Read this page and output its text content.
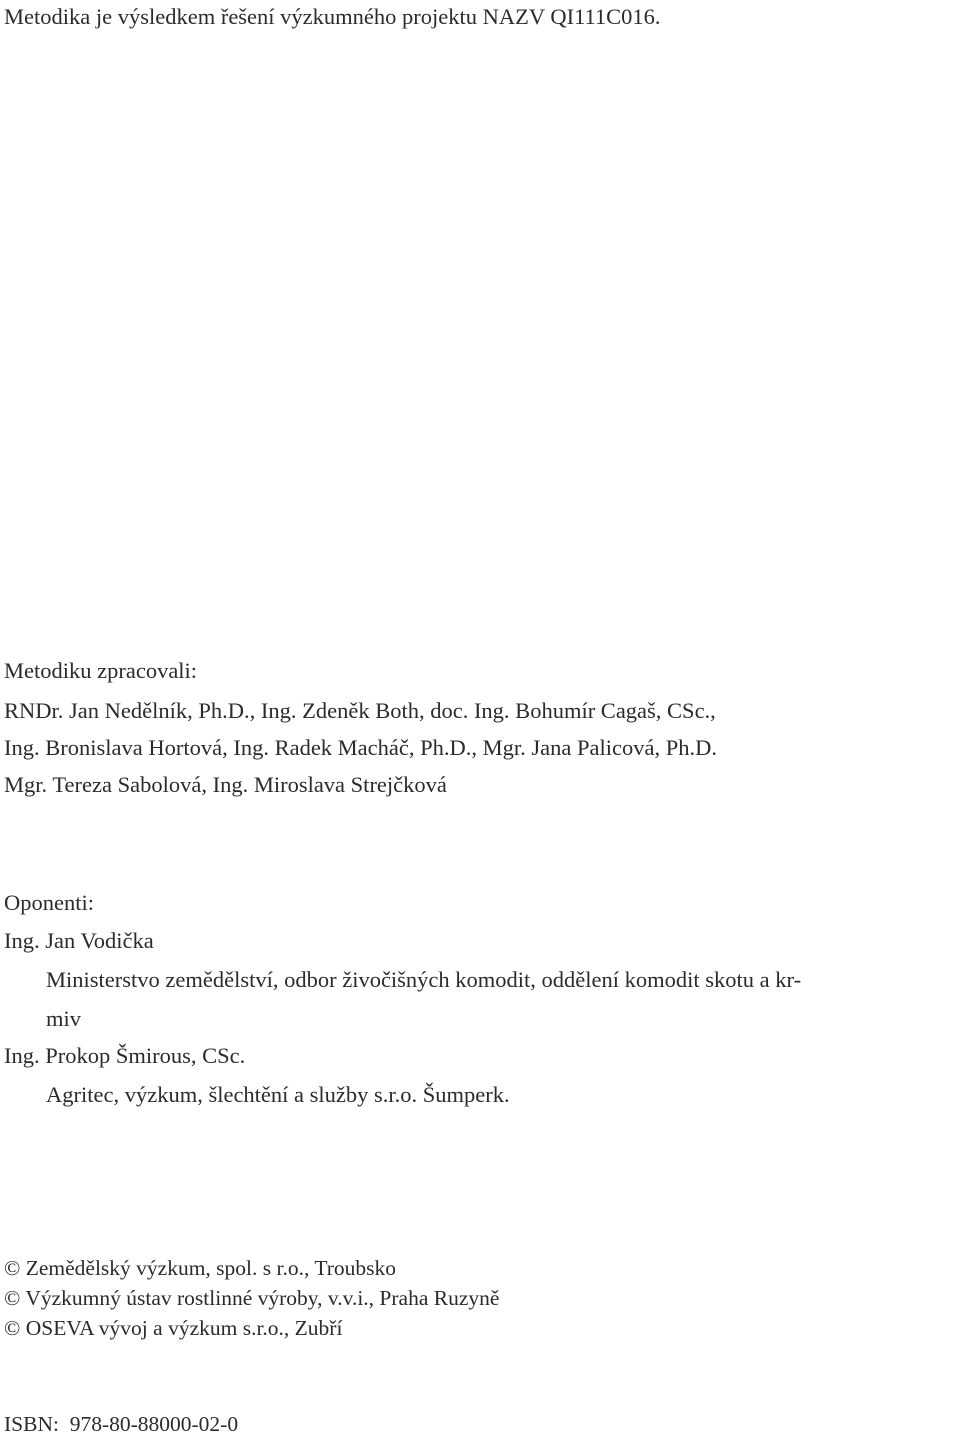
Metodika je výsledkem řešení výzkumného projektu NAZV QI111C016.

Metodiku zpracovali:

RNDr. Jan Nedělník, Ph.D., Ing. Zdeněk Both, doc. Ing. Bohumír Cagaš, CSc.,

Ing. Bronislava Hortová, Ing. Radek Macháč, Ph.D., Mgr. Jana Palicová, Ph.D.

Mgr. Tereza Sabolová, Ing. Miroslava Strejčková

Oponenti:

Ing. Jan Vodička

Ministerstvo zemědělství, odbor živočišných komodit, oddělení komodit skotu a kr-

miv

Ing. Prokop Šmirous, CSc.

Agritec, výzkum, šlechtění a služby s.r.o. Šumperk.

© Zemědělský výzkum, spol. s r.o., Troubsko

© Výzkumný ústav rostlinné výroby, v.v.i., Praha Ruzyně

© OSEVA vývoj a výzkum s.r.o., Zubří

ISBN:  978-80-88000-02-0
